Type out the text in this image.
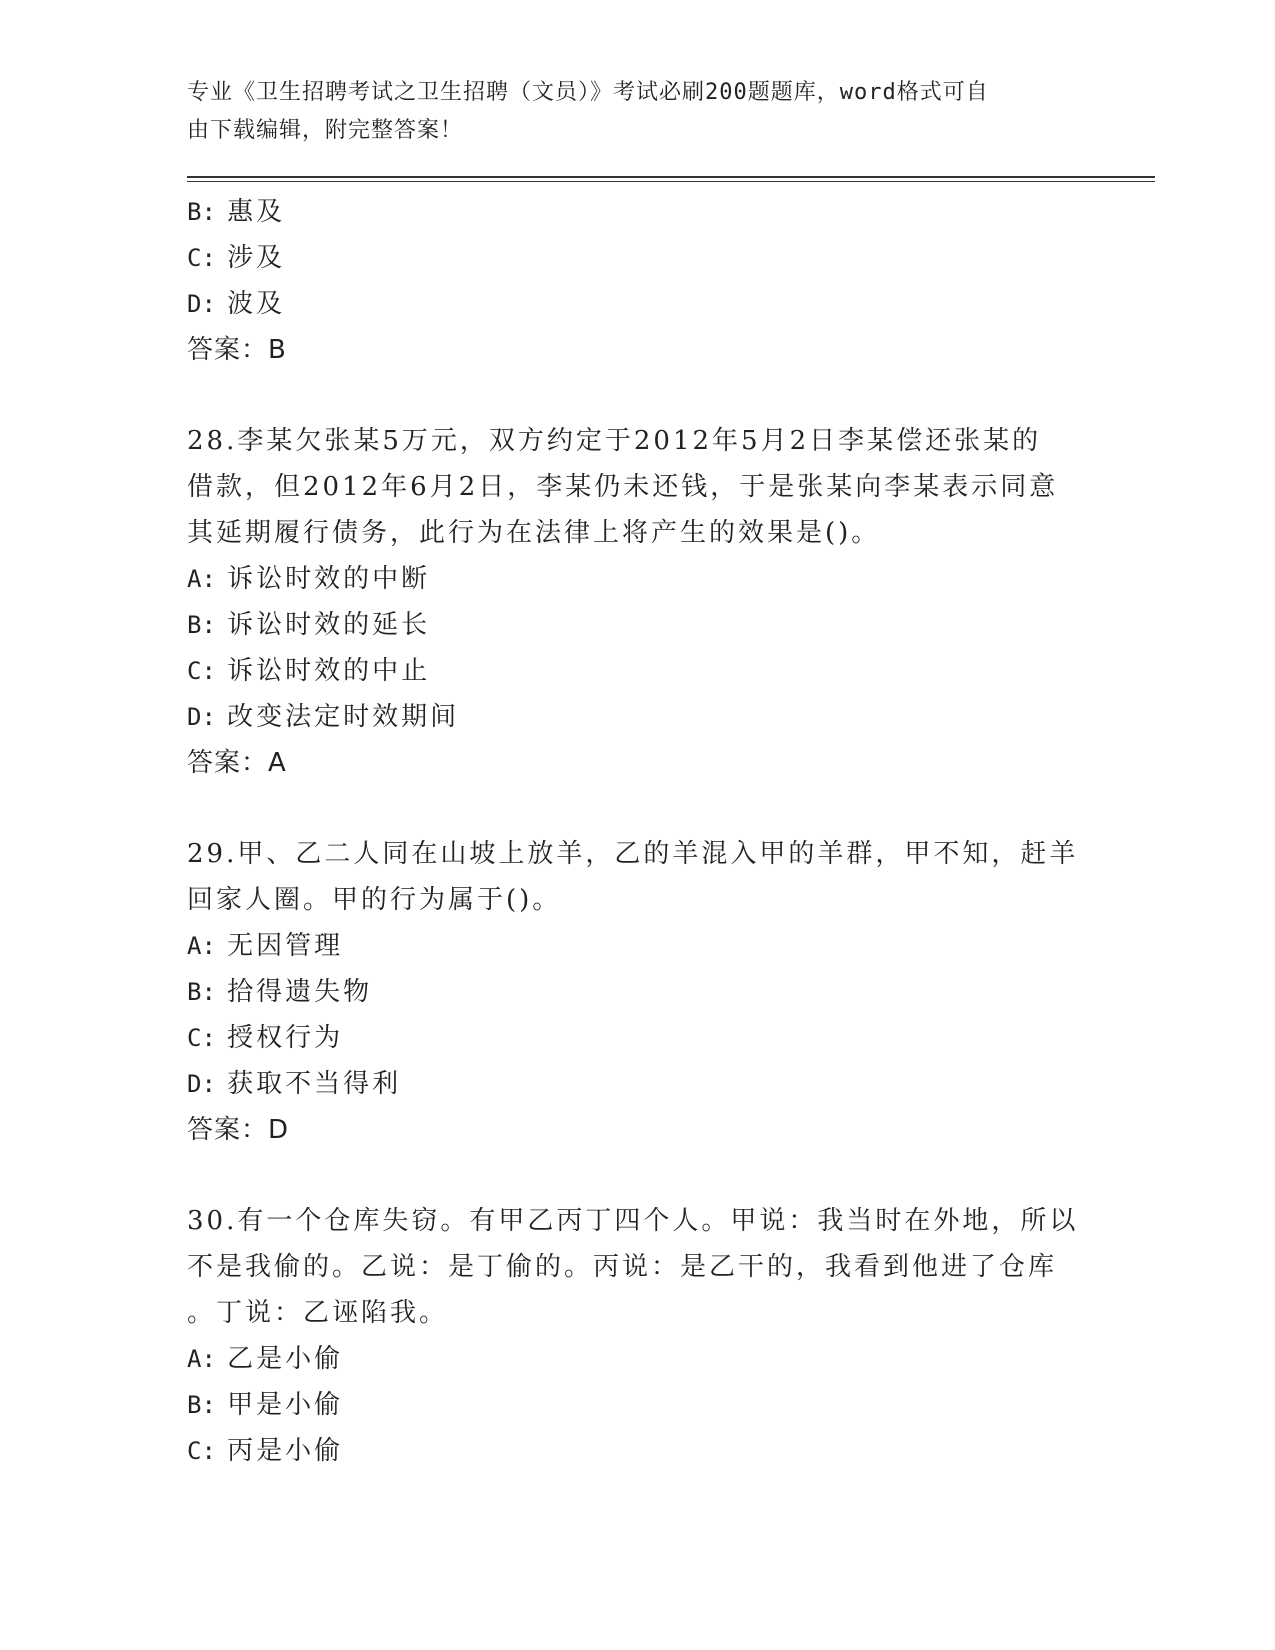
专业《卫生招聘考试之卫生招聘（文员）》考试必刷200题题库，word格式可自
由下载编辑，附完整答案！
B: 惠及
C: 涉及
D: 波及
答案：B
28.李某欠张某5万元，双方约定于2012年5月2日李某偿还张某的
借款，但2012年6月2日，李某仍未还钱，于是张某向李某表示同意
其延期履行债务，此行为在法律上将产生的效果是()。
A: 诉讼时效的中断
B: 诉讼时效的延长
C: 诉讼时效的中止
D: 改变法定时效期间
答案：A
29.甲、乙二人同在山坡上放羊，乙的羊混入甲的羊群，甲不知，赶羊
回家人圈。甲的行为属于()。
A: 无因管理
B: 拾得遗失物
C: 授权行为
D: 获取不当得利
答案：D
30.有一个仓库失窃。有甲乙丙丁四个人。甲说：我当时在外地，所以
不是我偷的。乙说：是丁偷的。丙说：是乙干的，我看到他进了仓库
。丁说：乙诬陷我。
A: 乙是小偷
B: 甲是小偷
C: 丙是小偷
